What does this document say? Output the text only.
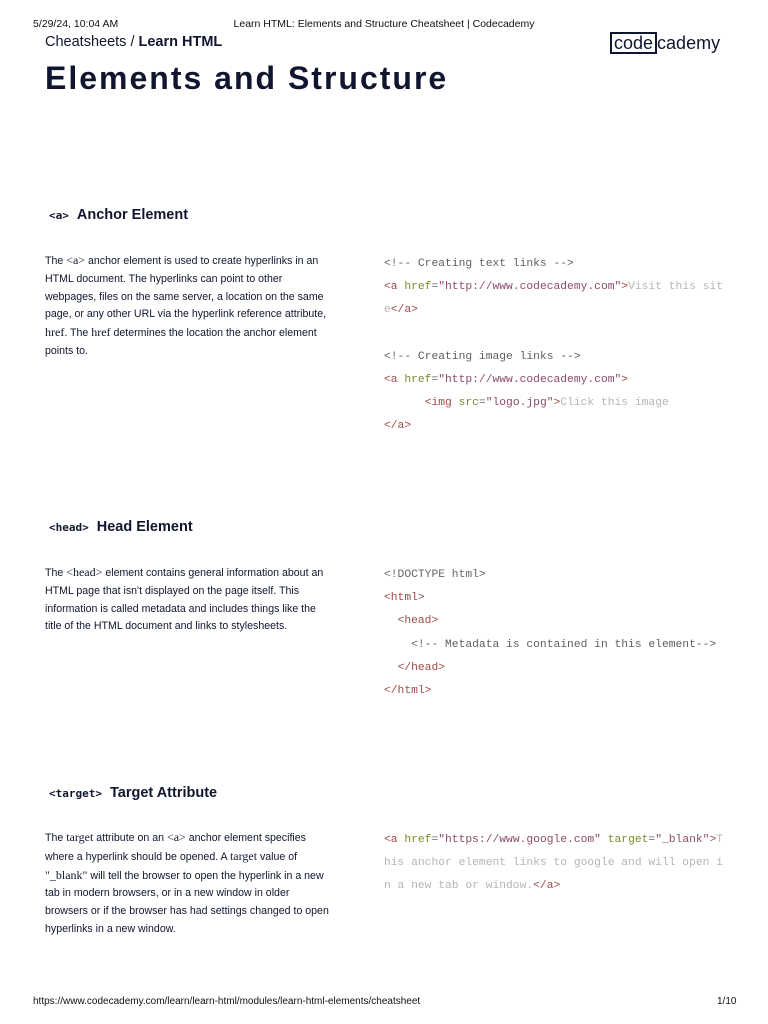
5/29/24, 10:04 AM	Learn HTML: Elements and Structure Cheatsheet | Codecademy
Cheatsheets / Learn HTML	code cademy
Elements and Structure
<a> Anchor Element

The <a> anchor element is used to create hyperlinks in an HTML document. The hyperlinks can point to other webpages, files on the same server, a location on the same page, or any other URL via the hyperlink reference attribute, href. The href determines the location the anchor element points to.

<!-- Creating text links -->
<a href="http://www.codecademy.com">Visit this site</a>
<!-- Creating image links -->
<a href="http://www.codecademy.com">
<img src="logo.jpg">Click this image
</a>
<head> Head Element

The <head> element contains general information about an HTML page that isn't displayed on the page itself. This information is called metadata and includes things like the title of the HTML document and links to stylesheets.

<!DOCTYPE html>
<html>
<head>
<!-- Metadata is contained in this element-->
</head>
</html>
<target> Target Attribute

The target attribute on an <a> anchor element specifies where a hyperlink should be opened. A target value of "_blank" will tell the browser to open the hyperlink in a new tab in modern browsers, or in a new window in older browsers or if the browser has had settings changed to open hyperlinks in a new window.

<a href="https://www.google.com" target="_blank">This anchor element links to google and will open in a new tab or window.</a>
https://www.codecademy.com/learn/learn-html/modules/learn-html-elements/cheatsheet	1/10
